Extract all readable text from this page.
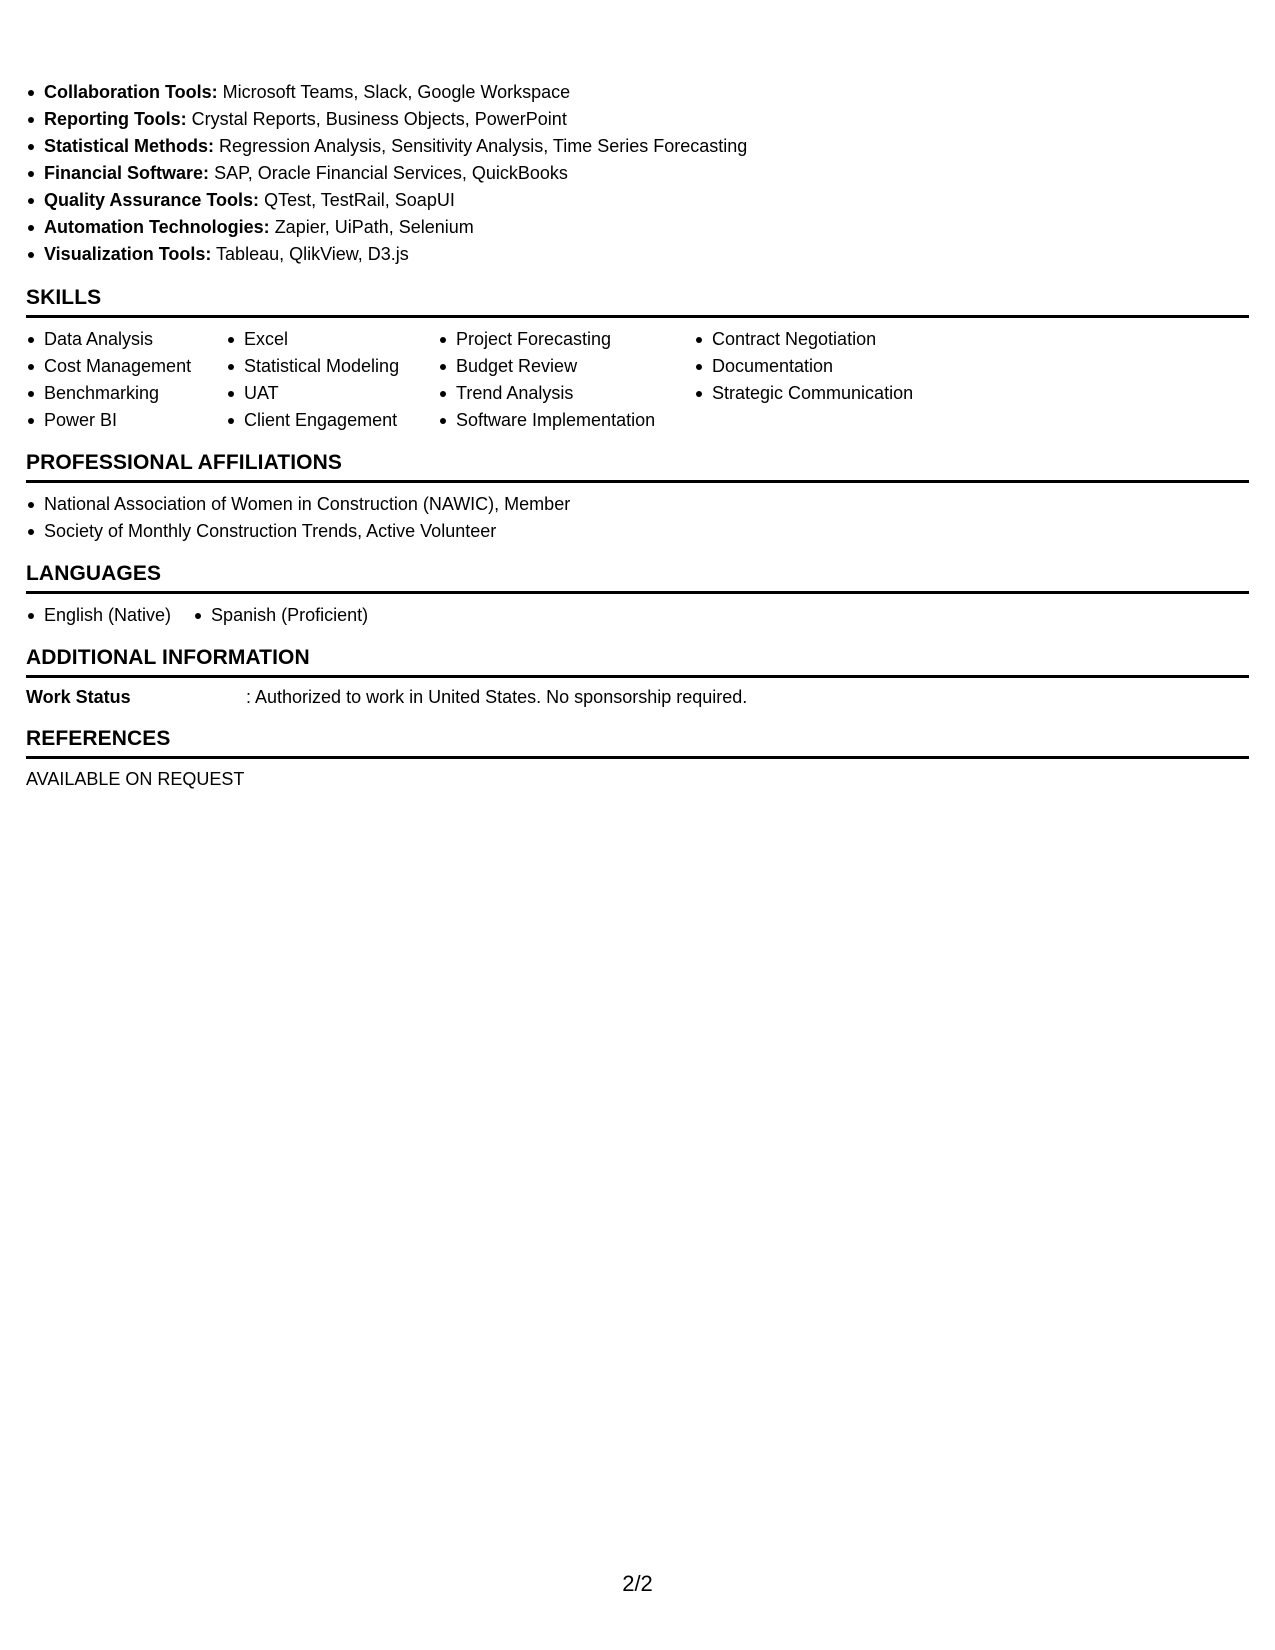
Collaboration Tools: Microsoft Teams, Slack, Google Workspace
Reporting Tools: Crystal Reports, Business Objects, PowerPoint
Statistical Methods: Regression Analysis, Sensitivity Analysis, Time Series Forecasting
Financial Software: SAP, Oracle Financial Services, QuickBooks
Quality Assurance Tools: QTest, TestRail, SoapUI
Automation Technologies: Zapier, UiPath, Selenium
Visualization Tools: Tableau, QlikView, D3.js
SKILLS
Data Analysis
Cost Management
Benchmarking
Power BI
Excel
Statistical Modeling
UAT
Client Engagement
Project Forecasting
Budget Review
Trend Analysis
Software Implementation
Contract Negotiation
Documentation
Strategic Communication
PROFESSIONAL AFFILIATIONS
National Association of Women in Construction (NAWIC), Member
Society of Monthly Construction Trends, Active Volunteer
LANGUAGES
English (Native)	Spanish (Proficient)
ADDITIONAL INFORMATION
Work Status	: Authorized to work in United States. No sponsorship required.
REFERENCES
AVAILABLE ON REQUEST
2/2
